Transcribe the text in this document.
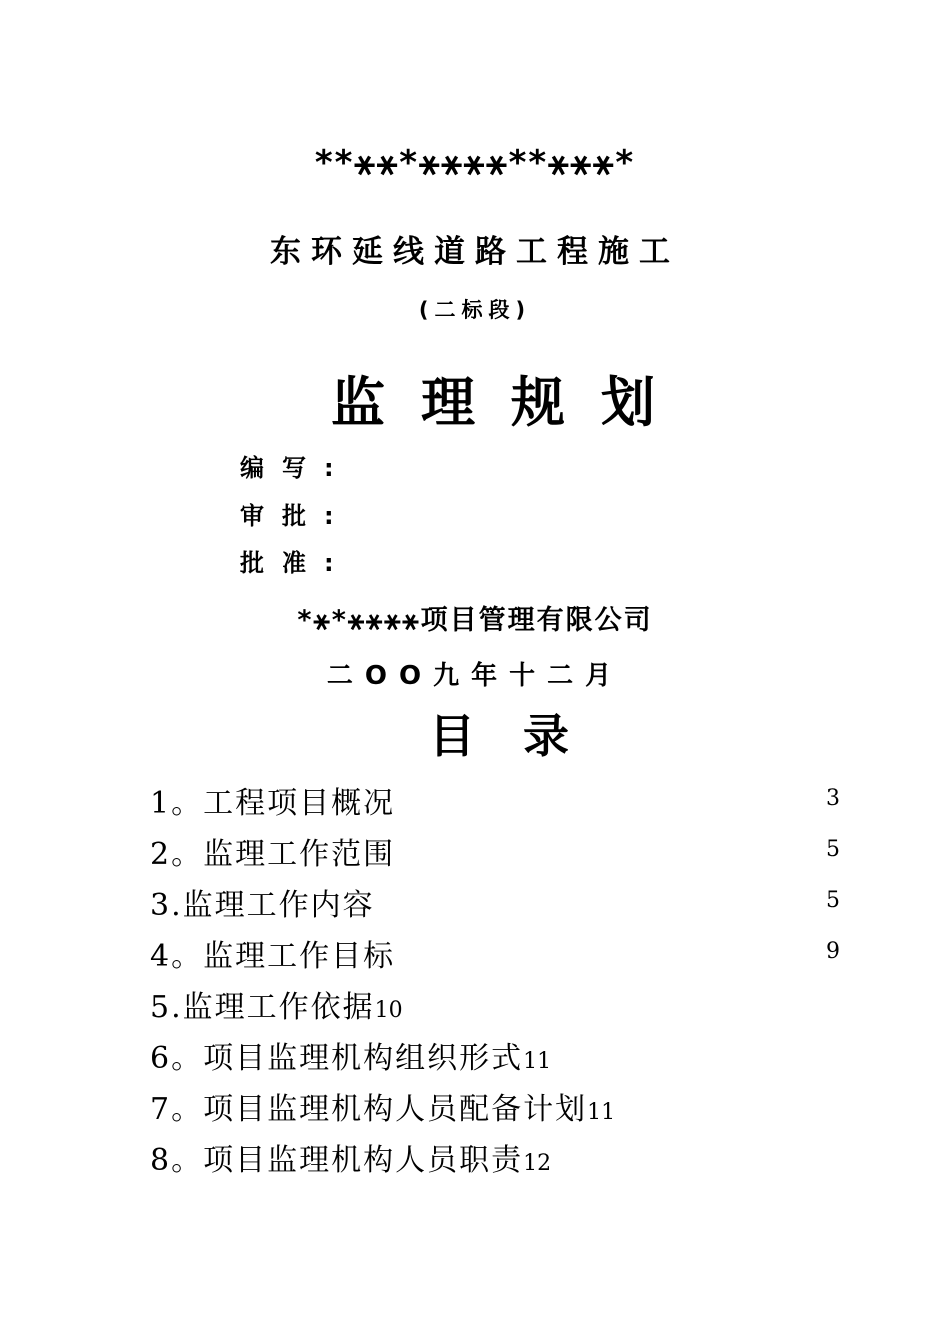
**⚹⚹*⚹⚹⚹⚹**⚹⚹⚹*
东环延线道路工程施工
(二标段)
监理规划
编写:
审批:
批准:
*⚹*⚹⚹⚹⚹项目管理有限公司
二OO九年十二月
目录
1。工程项目概况	3
2。监理工作范围	5
3.监理工作内容	5
4。监理工作目标	9
5.监理工作依据10
6。项目监理机构组织形式11
7。项目监理机构人员配备计划11
8。项目监理机构人员职责12
